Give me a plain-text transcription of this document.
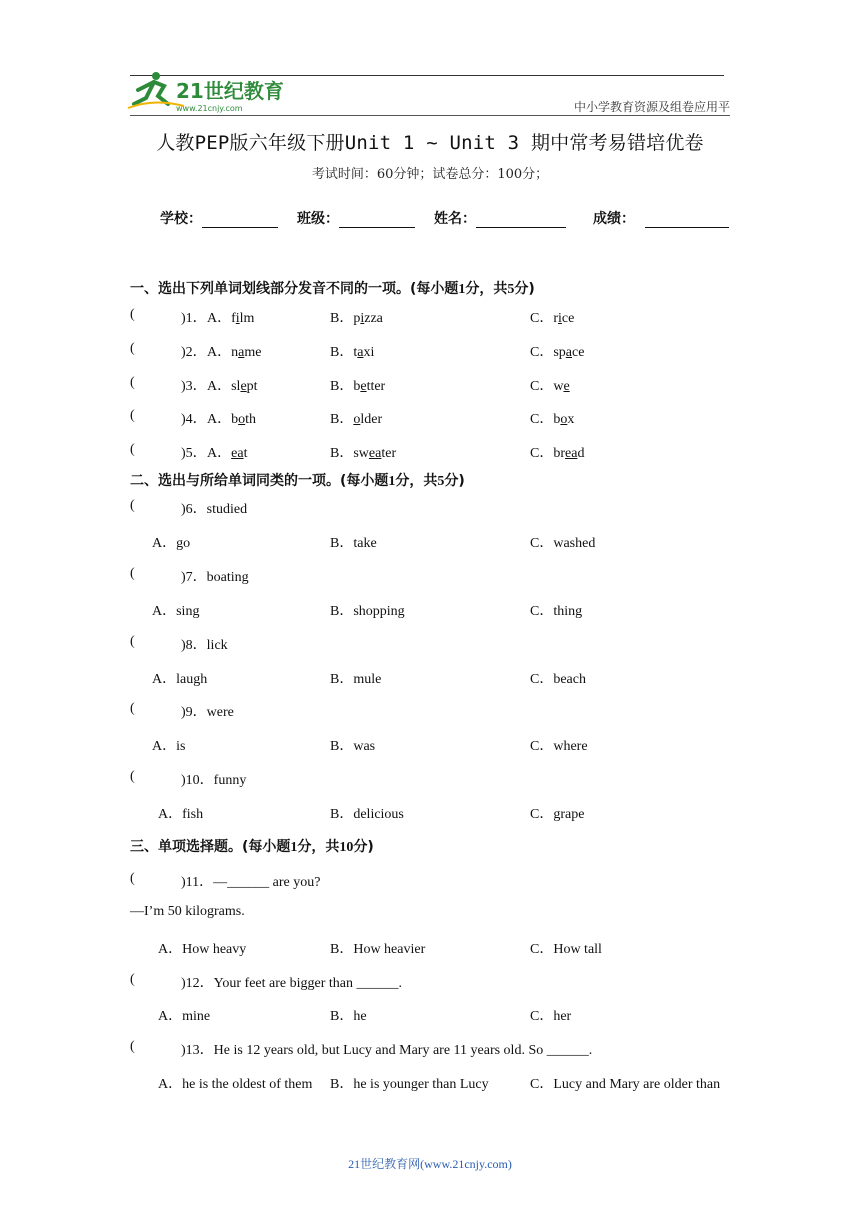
21世纪教育
www.21cnjy.com	中小学教育资源及组卷应用平
人教PEP版六年级下册Unit 1 ~ Unit 3 期中常考易错培优卷
考试时间：60分钟；试卷总分：100分；
学校：	班级：	姓名：	成绩：
一、选出下列单词划线部分发音不同的一项。(每小题1分，共5分)
(	)1． A．film	B．pizza	C．rice
(	)2． A．name	B．taxi	C．space
(	)3． A．slept	B．better	C．we
(	)4． A．both	B．older	C．box
(	)5． A．eat	B．sweater	C．bread
二、选出与所给单词同类的一项。(每小题1分，共5分)
(	)6．studied
A．go	B．take	C．washed
(	)7．boating
A．sing	B．shopping	C．thing
(	)8．lick
A．laugh	B．mule	C．beach
(	)9．were
A．is	B．was	C．where
(	)10．funny
A．fish	B．delicious	C．grape
三、单项选择题。(每小题1分，共10分)
(	)11．—______ are you?
—I’m 50 kilograms.
A．How heavy	B．How heavier	C．How tall
(	)12．Your feet are bigger than ______.
A．mine	B．he	C．her
(	)13．He is 12 years old, but Lucy and Mary are 11 years old. So ______.
A．he is the oldest of them B．he is younger than Lucy	C．Lucy and Mary are older than
21世纪教育网(www.21cnjy.com)
